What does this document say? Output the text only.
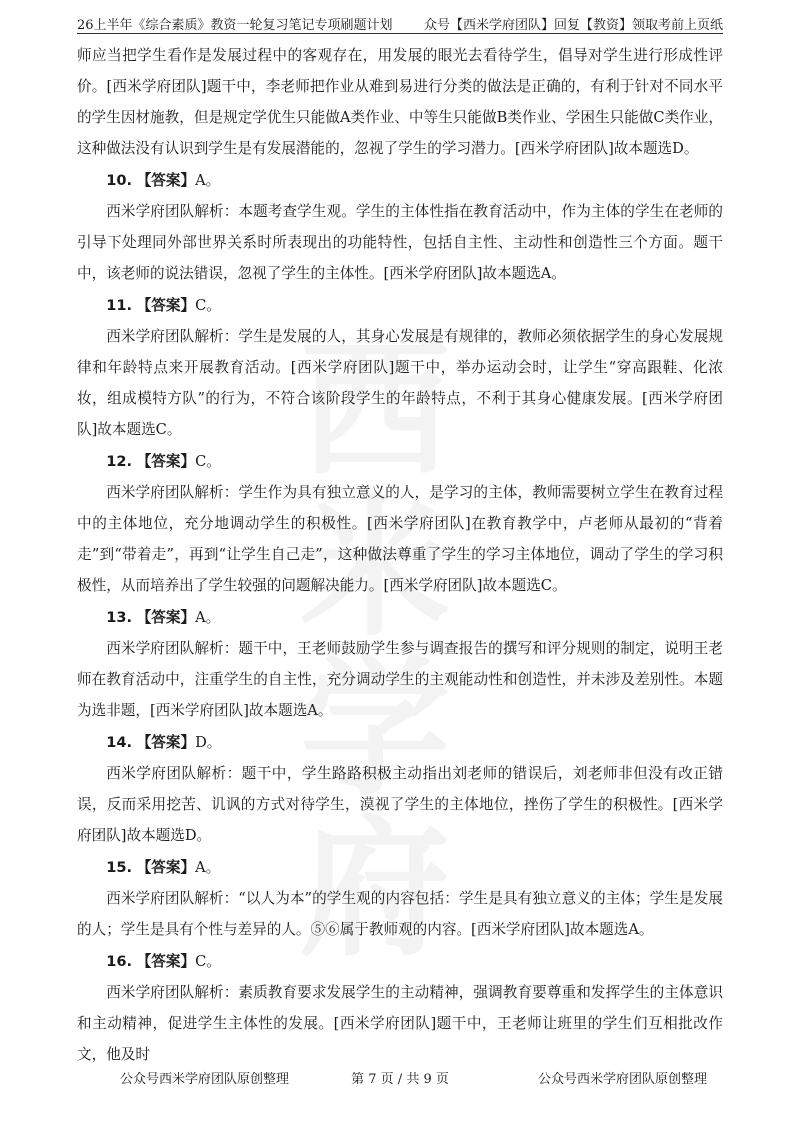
26上半年《综合素质》教资一轮复习笔记专项刷题计划 众号【西米学府团队】回复【教资】领取考前上页纸

师应当把学生看作是发展过程中的客观存在，用发展的眼光去看待学生，倡导对学生进行形成性评价。[西米学府团队]题干中，李老师把作业从难到易进行分类的做法是正确的，有利于针对不同水平的学生因材施教，但是规定学优生只能做A类作业、中等生只能做B类作业、学困生只能做C类作业，这种做法没有认识到学生是有发展潜能的，忽视了学生的学习潜力。[西米学府团队]故本题选D。

10. 【答案】A。

西米学府团队解析：本题考查学生观。学生的主体性指在教育活动中，作为主体的学生在老师的引导下处理同外部世界关系时所表现出的功能特性，包括自主性、主动性和创造性三个方面。题干中，该老师的说法错误，忽视了学生的主体性。[西米学府团队]故本题选A。

11. 【答案】C。

西米学府团队解析：学生是发展的人，其身心发展是有规律的，教师必须依据学生的身心发展规律和年龄特点来开展教育活动。[西米学府团队]题干中，举办运动会时，让学生“穿高跟鞋、化浓妆，组成模特方队”的行为，不符合该阶段学生的年龄特点，不利于其身心健康发展。[西米学府团队]故本题选C。

12. 【答案】C。

西米学府团队解析：学生作为具有独立意义的人，是学习的主体，教师需要树立学生在教育过程中的主体地位，充分地调动学生的积极性。[西米学府团队]在教育教学中，卢老师从最初的“背着走”到“带着走”，再到“让学生自己走”，这种做法尊重了学生的学习主体地位，调动了学生的学习积极性，从而培养出了学生较强的问题解决能力。[西米学府团队]故本题选C。

13. 【答案】A。

西米学府团队解析：题干中，王老师鼓励学生参与调查报告的撰写和评分规则的制定，说明王老师在教育活动中，注重学生的自主性，充分调动学生的主观能动性和创造性，并未涉及差别性。本题为选非题，[西米学府团队]故本题选A。

14. 【答案】D。

西米学府团队解析：题干中，学生路路积极主动指出刘老师的错误后，刘老师非但没有改正错误，反而采用挖苦、讥讽的方式对待学生，漠视了学生的主体地位，挫伤了学生的积极性。[西米学府团队]故本题选D。

15. 【答案】A。

西米学府团队解析：“以人为本”的学生观的内容包括：学生是具有独立意义的主体；学生是发展的人；学生是具有个性与差异的人。⑤⑥属于教师观的内容。[西米学府团队]故本题选A。

16. 【答案】C。

西米学府团队解析：素质教育要求发展学生的主动精神，强调教育要尊重和发挥学生的主体意识和主动精神，促进学生主体性的发展。[西米学府团队]题干中，王老师让班里的学生们互相批改作文，他及时

公众号西米学府团队原创整理	第 7 页 / 共 9 页	公众号西米学府团队原创整理
